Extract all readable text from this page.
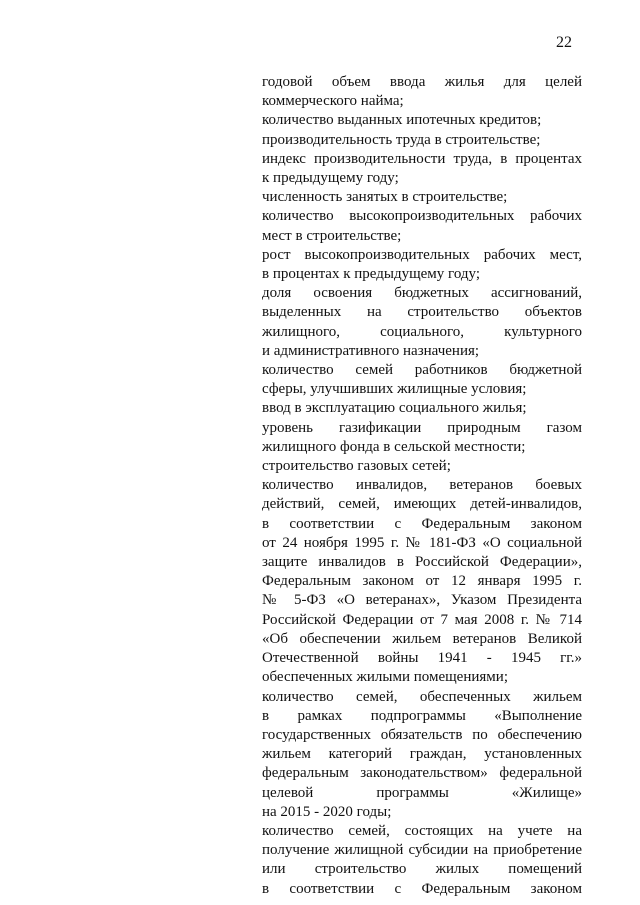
22
годовой объем ввода жилья для целей
коммерческого найма;
количество выданных ипотечных кредитов;
производительность труда в строительстве;
индекс производительности труда, в процентах
к предыдущему году;
численность занятых в строительстве;
количество высокопроизводительных рабочих
мест в строительстве;
рост высокопроизводительных рабочих мест,
в процентах к предыдущему году;
доля освоения бюджетных ассигнований,
выделенных на строительство объектов
жилищного, социального, культурного
и административного назначения;
количество семей работников бюджетной
сферы, улучшивших жилищные условия;
ввод в эксплуатацию социального жилья;
уровень газификации природным газом
жилищного фонда в сельской местности;
строительство газовых сетей;
количество инвалидов, ветеранов боевых
действий, семей, имеющих детей-инвалидов,
в соответствии с Федеральным законом
от 24 ноября 1995 г. № 181-ФЗ «О социальной
защите инвалидов в Российской Федерации»,
Федеральным законом от 12 января 1995 г.
№ 5-ФЗ «О ветеранах», Указом Президента
Российской Федерации от 7 мая 2008 г. № 714
«Об обеспечении жильем ветеранов Великой
Отечественной войны 1941 - 1945 гг.»
обеспеченных жилыми помещениями;
количество семей, обеспеченных жильем
в рамках подпрограммы «Выполнение
государственных обязательств по обеспечению
жильем категорий граждан, установленных
федеральным законодательством» федеральной
целевой программы «Жилище»
на 2015 - 2020 годы;
количество семей, состоящих на учете на
получение жилищной субсидии на приобретение
или строительство жилых помещений
в соответствии с Федеральным законом
